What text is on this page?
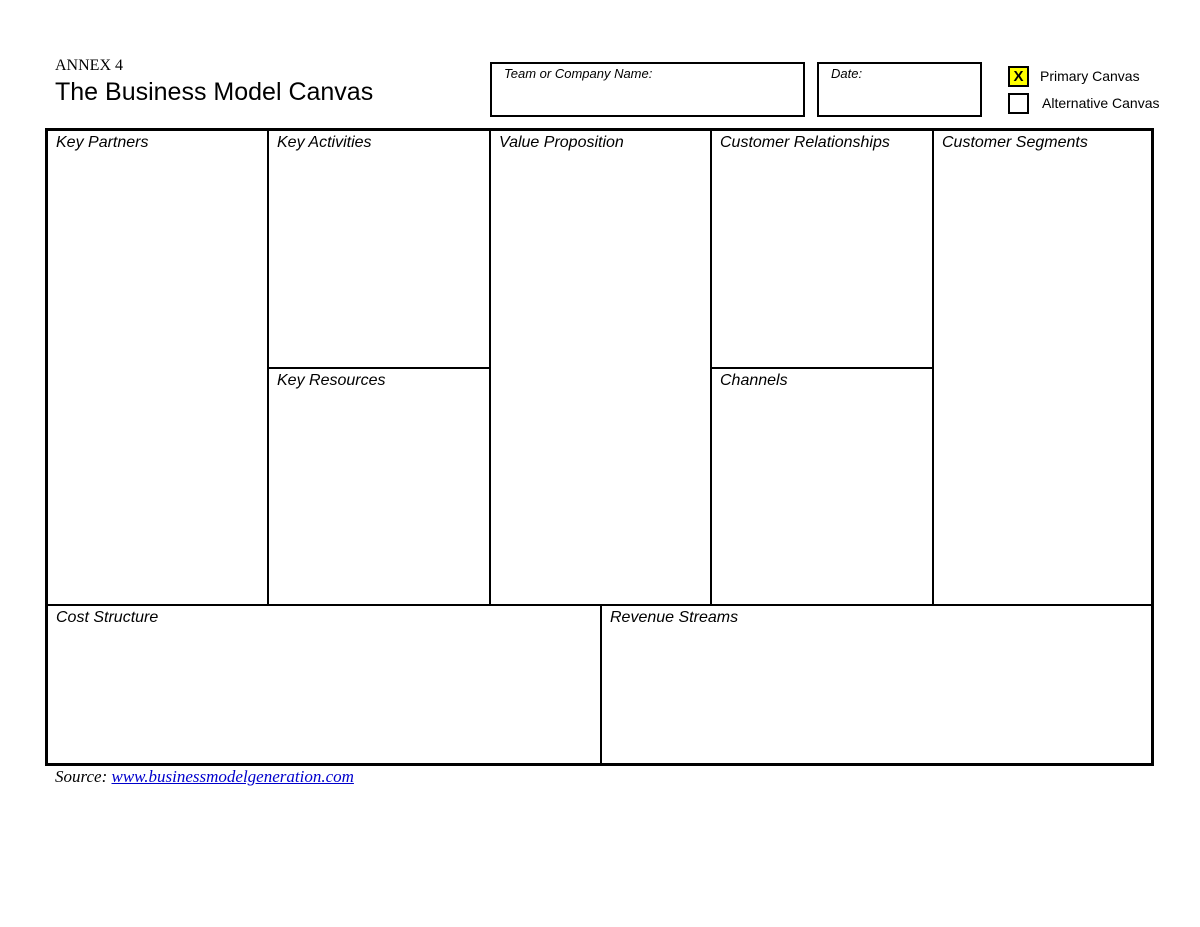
ANNEX 4
The Business Model Canvas
Team or Company Name:	Date:	X	Primary Canvas
Alternative Canvas
Key Partners	Key Activities
Key Resources
Value Proposition	Customer Relationships
Channels
Customer Segments
Cost Structure	Revenue Streams
Source: www.businessmodelgeneration.com
